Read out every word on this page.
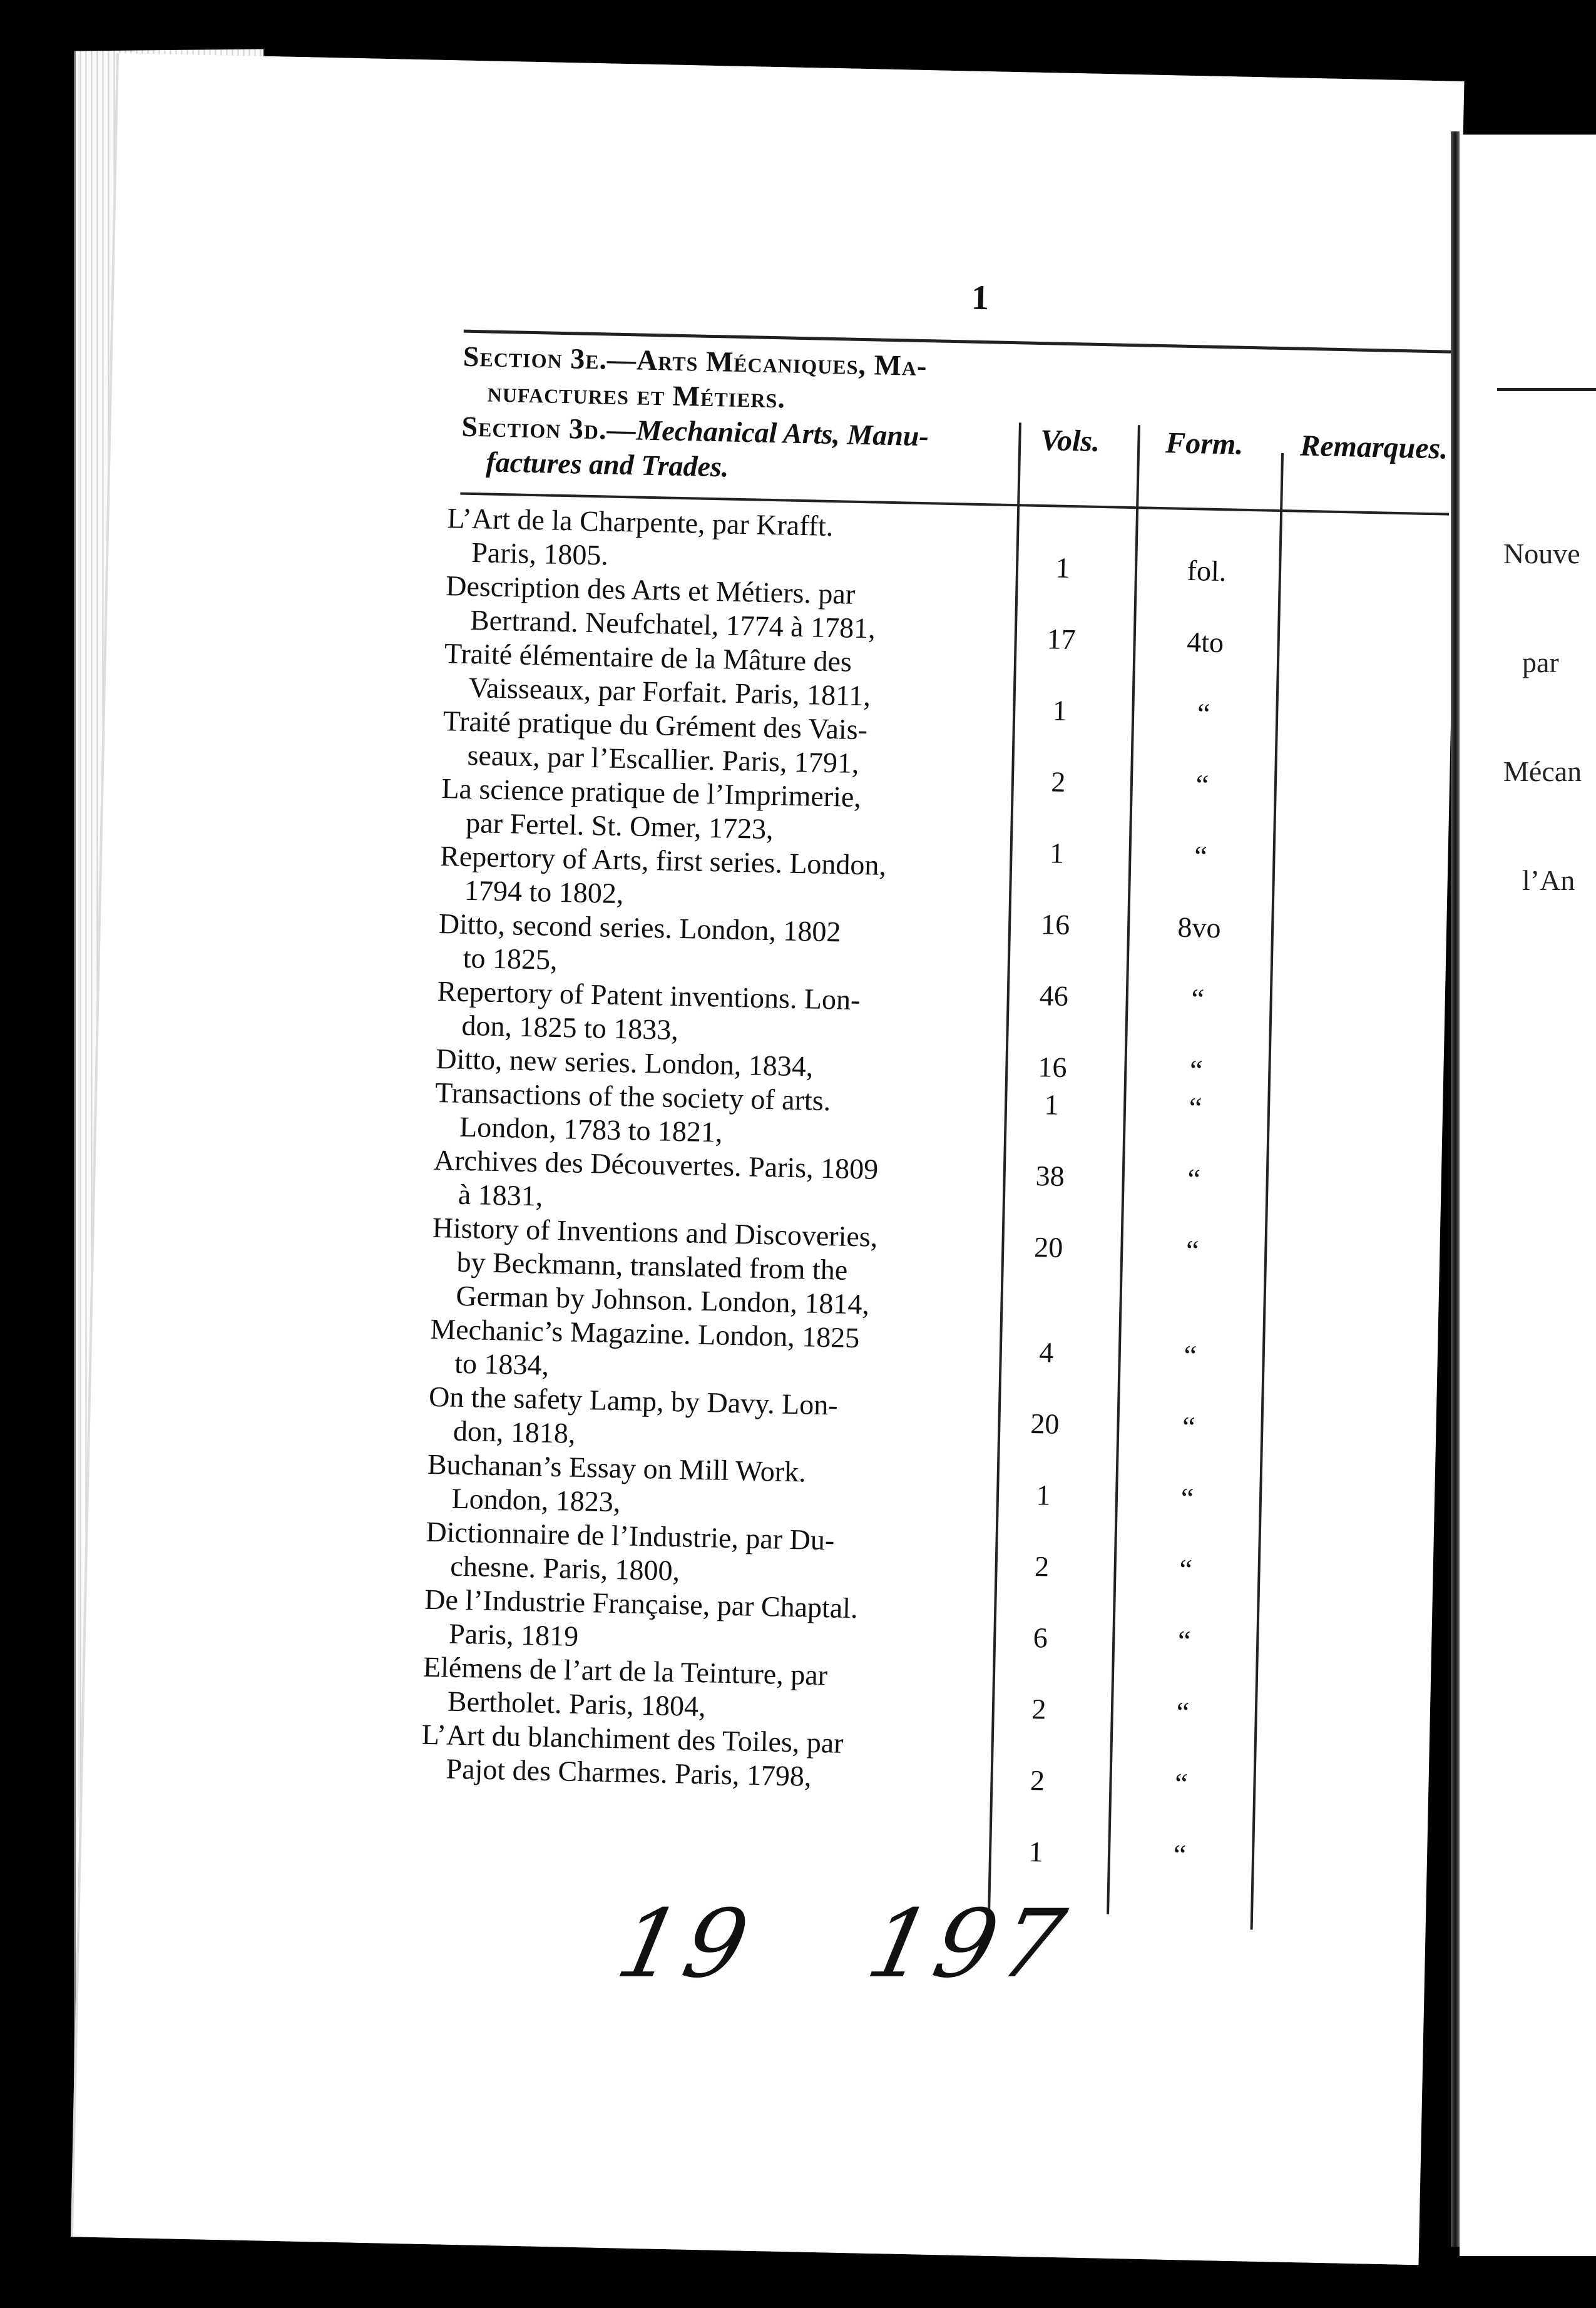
1
Section 3e.—Arts Mécaniques, Ma-
nufactures et Métiers.
Section 3d.—Mechanical Arts, Manu-
factures and Trades.
Vols. Form. Remarques.
L’Art de la Charpente, par Krafft.
Paris, 1805.
Description des Arts et Métiers. par
Bertrand. Neufchatel, 1774 à 1781,
Traité élémentaire de la Mâture des
Vaisseaux, par Forfait. Paris, 1811,
Traité pratique du Grément des Vais-
seaux, par l’Escallier. Paris, 1791,
La science pratique de l’Imprimerie,
par Fertel. St. Omer, 1723,
Repertory of Arts, first series. London,
1794 to 1802,
Ditto, second series. London, 1802
to 1825,
Repertory of Patent inventions. Lon-
don, 1825 to 1833,
Ditto, new series. London, 1834,
Transactions of the society of arts.
London, 1783 to 1821,
Archives des Découvertes. Paris, 1809
à 1831,
History of Inventions and Discoveries,
by Beckmann, translated from the
German by Johnson. London, 1814,
Mechanic’s Magazine. London, 1825
to 1834,
On the safety Lamp, by Davy. Lon-
don, 1818,
Buchanan’s Essay on Mill Work.
London, 1823,
Dictionnaire de l’Industrie, par Du-
chesne. Paris, 1800,
De l’Industrie Française, par Chaptal.
Paris, 1819
Elémens de l’art de la Teinture, par
Bertholet. Paris, 1804,
L’Art du blanchiment des Toiles, par
Pajot des Charmes. Paris, 1798,
1
17
1
2
1
16
46
16
1
38
20
4
20
1
2
6
2
2
1
fol.
4to
“
“
“
8vo
“
“
“
“
“
“
“
“
“
“
“
“
“

Nouve

par

Mécan

l’An

19 197
